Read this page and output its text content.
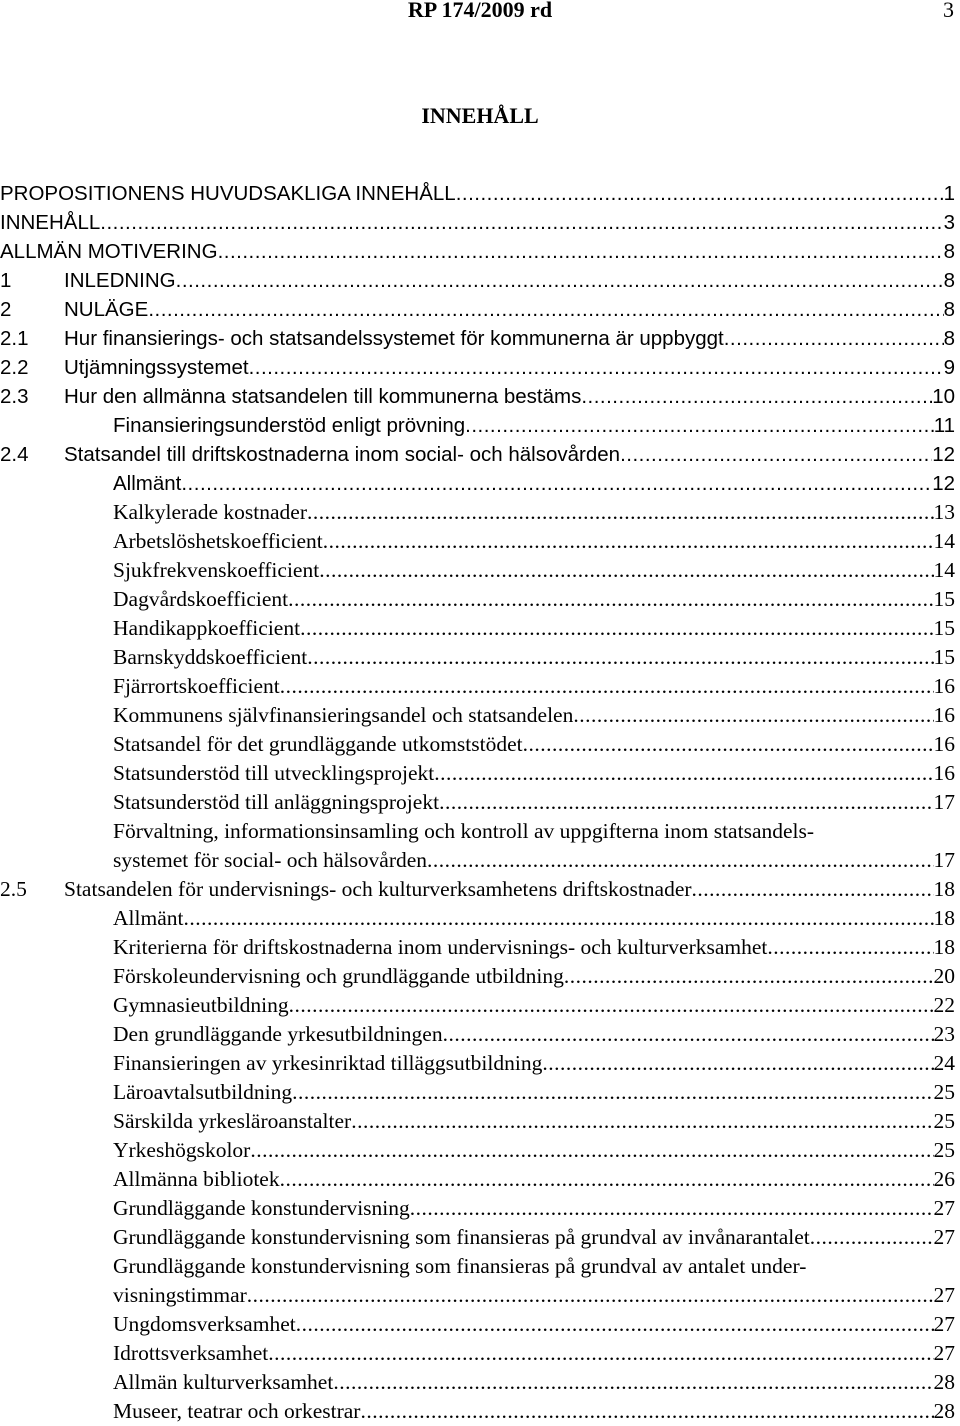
RP 174/2009 rd	3
INNEHÅLL
PROPOSITIONENS HUVUDSAKLIGA INNEHÅLL .....	1
INNEHÅLL .....	3
ALLMÄN MOTIVERING .....	8
1	INLEDNING .....	8
2	NULÄGE .....	8
2.1 Hur finansierings- och statsandelssystemet för kommunerna är uppbyggt .....	8
2.2 Utjämningssystemet .....	9
2.3 Hur den allmänna statsandelen till kommunerna bestäms .....	10
Finansieringsunderstöd enligt prövning .....	11
2.4 Statsandel till driftskostnaderna inom social- och hälsovården .....	12
Allmänt .....	12
Kalkylerade kostnader .....	13
Arbetslöshetskoefficient .....	14
Sjukfrekvenskoefficient .....	14
Dagvårdskoefficient .....	15
Handikappkoefficient .....	15
Barnskyddskoefficient .....	15
Fjärrortskoefficient .....	16
Kommunens självfinansieringsandel och statsandelen .....	16
Statsandel för det grundläggande utkomststödet .....	16
Statsunderstöd till utvecklingsprojekt .....	16
Statsunderstöd till anläggningsprojekt .....	17
Förvaltning, informationsinsamling och kontroll av uppgifterna inom statsandels-
systemet för social- och hälsovården .....	17
2.5 Statsandelen för undervisnings- och kulturverksamhetens driftskostnader .....	18
Allmänt .....	18
Kriterierna för driftskostnaderna inom undervisnings- och kulturverksamhet .....	18
Förskoleundervisning och grundläggande utbildning .....	20
Gymnasieutbildning .....	22
Den grundläggande yrkesutbildningen .....	23
Finansieringen av yrkesinriktad tilläggsutbildning .....	24
Läroavtalsutbildning .....	25
Särskilda yrkesläroanstalter .....	25
Yrkeshögskolor .....	25
Allmänna bibliotek .....	26
Grundläggande konstundervisning .....	27
Grundläggande konstundervisning som finansieras på grundval av invånarantalet .....	27
Grundläggande konstundervisning som finansieras på grundval av antalet under-
visningstimmar .....	27
Ungdomsverksamhet .....	27
Idrottsverksamhet .....	27
Allmän kulturverksamhet .....	28
Museer, teatrar och orkestrar .....	28
